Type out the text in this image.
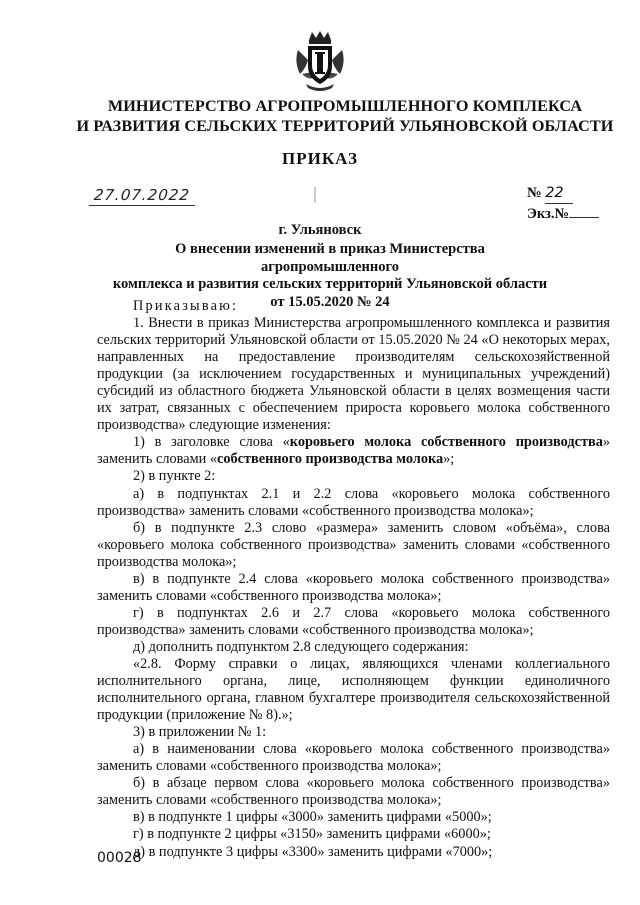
МИНИСТЕРСТВО АГРОПРОМЫШЛЕННОГО КОМПЛЕКСА
И РАЗВИТИЯ СЕЛЬСКИХ ТЕРРИТОРИЙ УЛЬЯНОВСКОЙ ОБЛАСТИ
ПРИКАЗ
27.07.2022	№ 22
Экз.№
г. Ульяновск
О внесении изменений в приказ Министерства агропромышленного
комплекса и развития сельских территорий Ульяновской области
от 15.05.2020 № 24

Приказываю:

1. Внести в приказ Министерства агропромышленного комплекса и развития сельских территорий Ульяновской области от 15.05.2020 № 24 «О некоторых мерах, направленных на предоставление производителям сельскохозяйственной продукции (за исключением государственных и муниципальных учреждений) субсидий из областного бюджета Ульяновской области в целях возмещения части их затрат, связанных с обеспечением прироста коровьего молока собственного производства» следующие изменения:

1) в заголовке слова «коровьего молока собственного производства» заменить словами «собственного производства молока»;

2) в пункте 2:

а) в подпунктах 2.1 и 2.2 слова «коровьего молока собственного производства» заменить словами «собственного производства молока»;

б) в подпункте 2.3 слово «размера» заменить словом «объёма», слова «коровьего молока собственного производства» заменить словами «собственного производства молока»;

в) в подпункте 2.4 слова «коровьего молока собственного производства» заменить словами «собственного производства молока»;

г) в подпунктах 2.6 и 2.7 слова «коровьего молока собственного производства» заменить словами «собственного производства молока»;

д) дополнить подпунктом 2.8 следующего содержания:

«2.8. Форму справки о лицах, являющихся членами коллегиального исполнительного органа, лице, исполняющем функции единоличного исполнительного органа, главном бухгалтере производителя сельскохозяйственной продукции (приложение № 8).»;

3) в приложении № 1:

а) в наименовании слова «коровьего молока собственного производства» заменить словами «собственного производства молока»;

б) в абзаце первом слова «коровьего молока собственного производства» заменить словами «собственного производства молока»;

в) в подпункте 1 цифры «3000» заменить цифрами «5000»;

г) в подпункте 2 цифры «3150» заменить цифрами «6000»;

д) в подпункте 3 цифры «3300» заменить цифрами «7000»;

00028
